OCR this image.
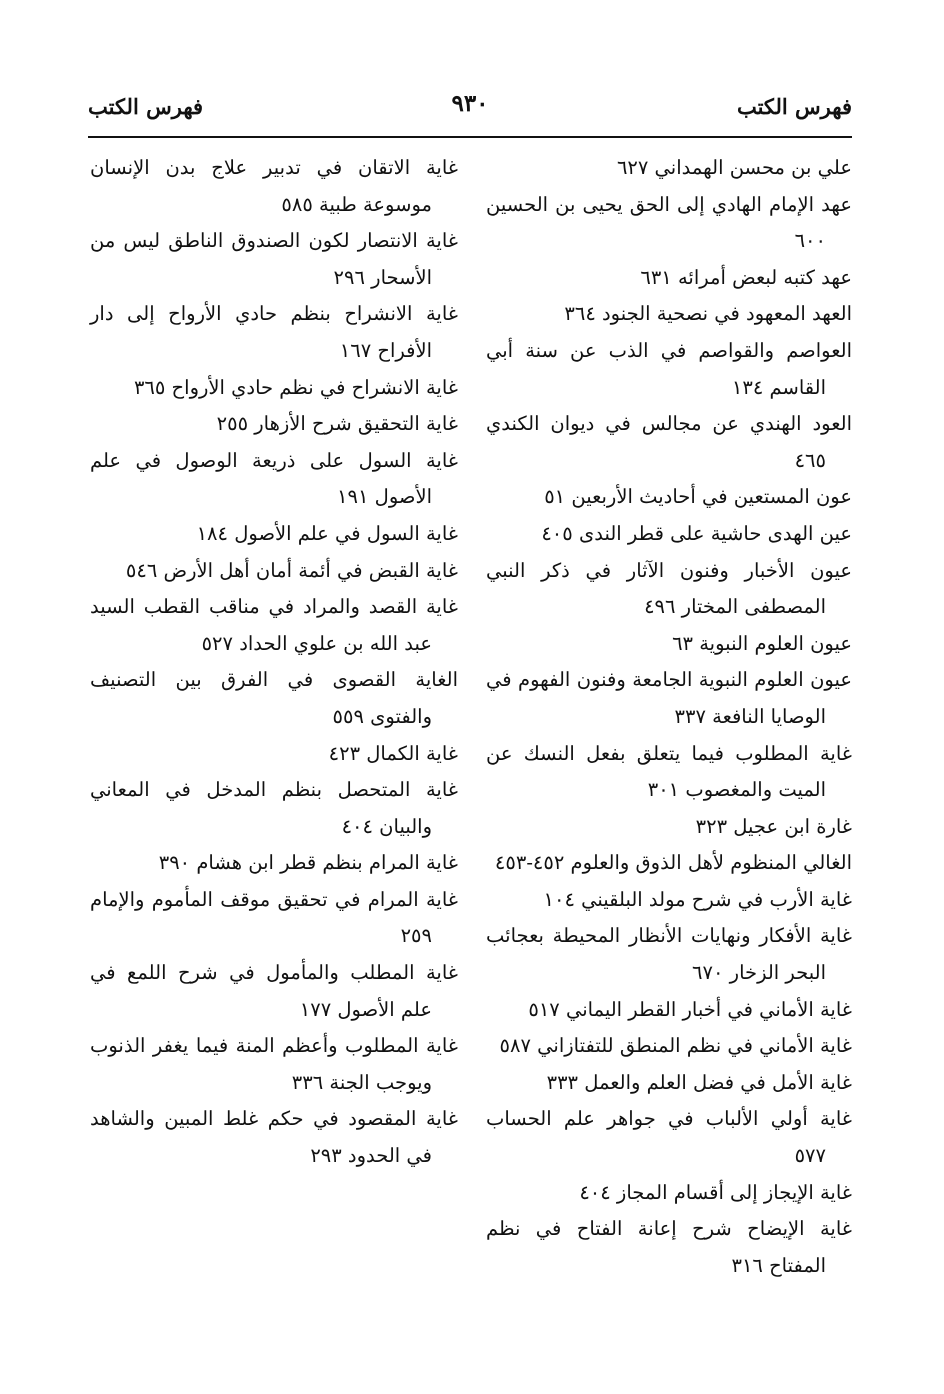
فهرس الكتب
٩٣٠
فهرس الكتب

علي بن محسن الهمداني ٦٢٧

عهد الإمام الهادي إلى الحق يحيى بن الحسين ٦٠٠

عهد كتبه لبعض أمرائه ٦٣١

العهد المعهود في نصحية الجنود ٣٦٤

العواصم والقواصم في الذب عن سنة أبي القاسم ١٣٤

العود الهندي عن مجالس في ديوان الكندي ٤٦٥

عون المستعين في أحاديث الأربعين ٥١

عين الهدى حاشية على قطر الندى ٤٠٥

عيون الأخبار وفنون الآثار في ذكر النبي المصطفى المختار ٤٩٦

عيون العلوم النبوية ٦٣

عيون العلوم النبوية الجامعة وفنون الفهوم في الوصايا النافعة ٣٣٧

غاية المطلوب فيما يتعلق بفعل النسك عن الميت والمغصوب ٣٠١

غارة ابن عجيل ٣٢٣

الغالي المنظوم لأهل الذوق والعلوم ٤٥٢-٤٥٣

غاية الأرب في شرح مولد البلقيني ١٠٤

غاية الأفكار ونهايات الأنظار المحيطة بعجائب البحر الزخار ٦٧٠

غاية الأماني في أخبار القطر اليماني ٥١٧

غاية الأماني في نظم المنطق للتفتازاني ٥٨٧

غاية الأمل في فضل العلم والعمل ٣٣٣

غاية أولي الألباب في جواهر علم الحساب ٥٧٧

غاية الإيجاز إلى أقسام المجاز ٤٠٤

غاية الإيضاح شرح إعانة الفتاح في نظم المفتاح ٣١٦

غاية الاتقان في تدبير علاج بدن الإنسان موسوعة طبية ٥٨٥

غاية الانتصار لكون الصندوق الناطق ليس من الأسحار ٢٩٦

غاية الانشراح بنظم حادي الأرواح إلى دار الأفراح ١٦٧

غاية الانشراح في نظم حادي الأرواح ٣٦٥

غاية التحقيق شرح الأزهار ٢٥٥

غاية السول على ذريعة الوصول في علم الأصول ١٩١

غاية السول في علم الأصول ١٨٤

غاية القبض في أئمة أمان أهل الأرض ٥٤٦

غاية القصد والمراد في مناقب القطب السيد عبد الله بن علوي الحداد ٥٢٧

الغاية القصوى في الفرق بين التصنيف والفتوى ٥٥٩

غاية الكمال ٤٢٣

غاية المتحصل بنظم المدخل في المعاني والبيان ٤٠٤

غاية المرام بنظم قطر ابن هشام ٣٩٠

غاية المرام في تحقيق موقف المأموم والإمام ٢٥٩

غاية المطلب والمأمول في شرح اللمع في علم الأصول ١٧٧

غاية المطلوب وأعظم المنة فيما يغفر الذنوب ويوجب الجنة ٣٣٦

غاية المقصود في حكم غلط المبين والشاهد في الحدود ٢٩٣
